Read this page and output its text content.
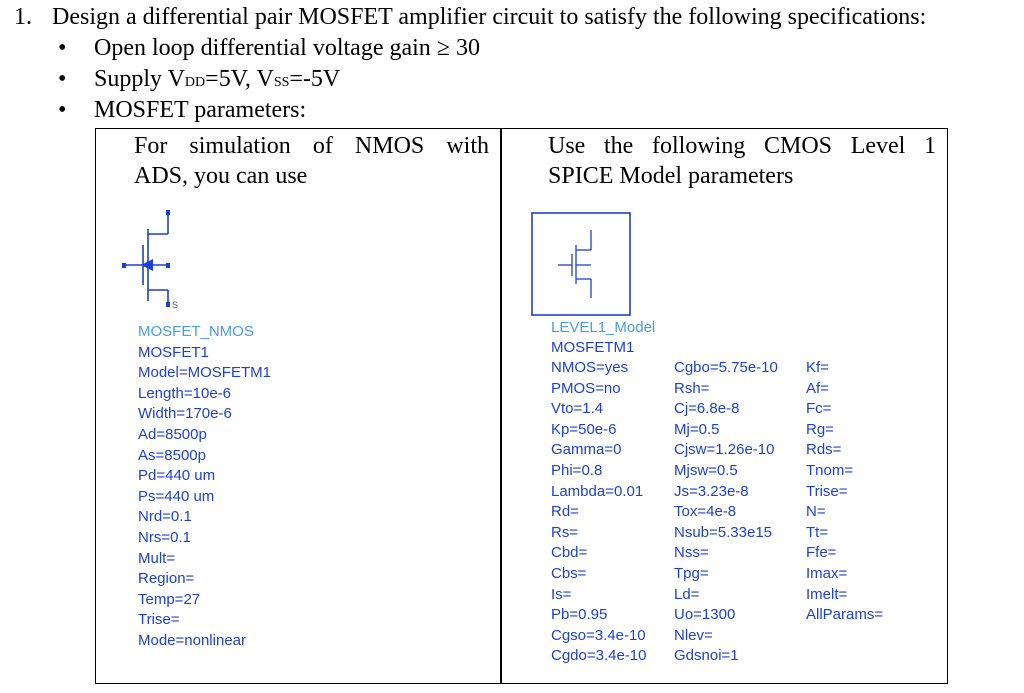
1. Design a differential pair MOSFET amplifier circuit to satisfy the following specifications:
• Open loop differential voltage gain ≥ 30
• Supply VDD=5V, VSS=-5V
• MOSFET parameters:
For simulation of NMOS with
ADS, you can use
Use the following CMOS Level 1
SPICE Model parameters
S
MOSFET_NMOS
MOSFET1
Model=MOSFETM1
Length=10e-6
Width=170e-6
Ad=8500p
As=8500p
Pd=440 um
Ps=440 um
Nrd=0.1
Nrs=0.1
Mult=
Region=
Temp=27
Trise=
Mode=nonlinear
LEVEL1_Model
MOSFETM1
NMOS=yes
PMOS=no
Vto=1.4
Kp=50e-6
Gamma=0
Phi=0.8
Lambda=0.01
Rd=
Rs=
Cbd=
Cbs=
Is=
Pb=0.95
Cgso=3.4e-10
Cgdo=3.4e-10
Cgbo=5.75e-10
Rsh=
Cj=6.8e-8
Mj=0.5
Cjsw=1.26e-10
Mjsw=0.5
Js=3.23e-8
Tox=4e-8
Nsub=5.33e15
Nss=
Tpg=
Ld=
Uo=1300
Nlev=
Gdsnoi=1
Kf=
Af=
Fc=
Rg=
Rds=
Tnom=
Trise=
N=
Tt=
Ffe=
Imax=
Imelt=
AllParams=
